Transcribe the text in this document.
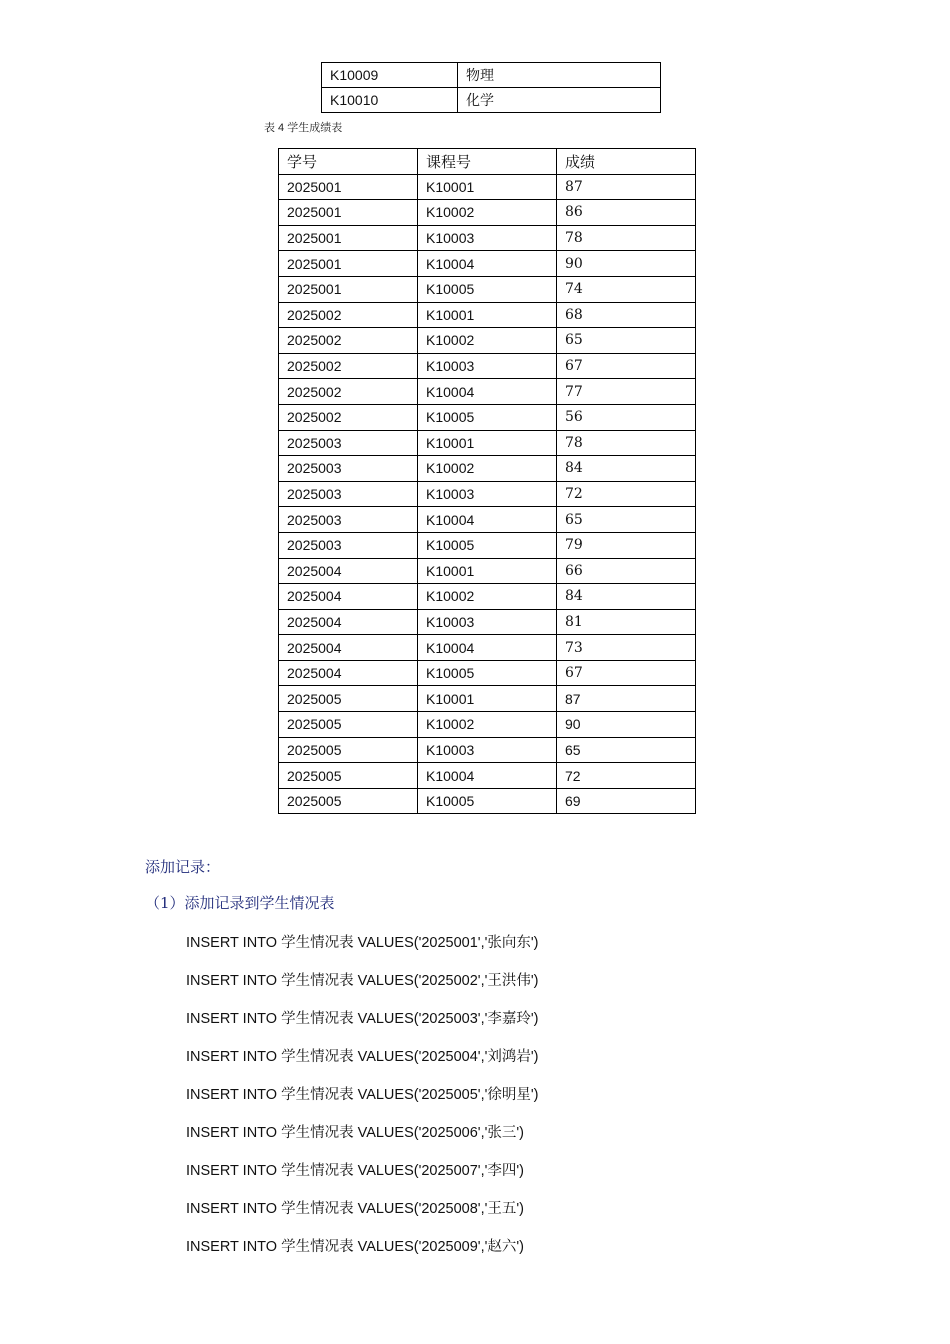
K10009	物理
K10010	化学
表 4 学生成绩表
学号	课程号	成绩
2025001	K10001	87
2025001	K10002	86
2025001	K10003	78
2025001	K10004	90
2025001	K10005	74
2025002	K10001	68
2025002	K10002	65
2025002	K10003	67
2025002	K10004	77
2025002	K10005	56
2025003	K10001	78
2025003	K10002	84
2025003	K10003	72
2025003	K10004	65
2025003	K10005	79
2025004	K10001	66
2025004	K10002	84
2025004	K10003	81
2025004	K10004	73
2025004	K10005	67
2025005	K10001	87
2025005	K10002	90
2025005	K10003	65
2025005	K10004	72
2025005	K10005	69
添加记录：
（1）添加记录到学生情况表
INSERT INTO 学生情况表 VALUES('2025001','张向东')
INSERT INTO 学生情况表 VALUES('2025002','王洪伟')
INSERT INTO 学生情况表 VALUES('2025003','李嘉玲')
INSERT INTO 学生情况表 VALUES('2025004','刘鸿岩')
INSERT INTO 学生情况表 VALUES('2025005','徐明星')
INSERT INTO 学生情况表 VALUES('2025006','张三')
INSERT INTO 学生情况表 VALUES('2025007','李四')
INSERT INTO 学生情况表 VALUES('2025008','王五')
INSERT INTO 学生情况表 VALUES('2025009','赵六')
